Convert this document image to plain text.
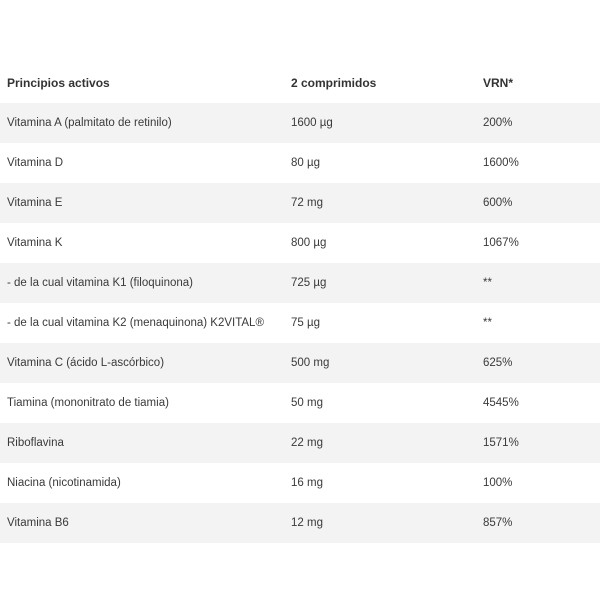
Principios activos	2 comprimidos	VRN*
Vitamina A (palmitato de retinilo)	1600 µg	200%
Vitamina D	80 µg	1600%
Vitamina E	72 mg	600%
Vitamina K	800 µg	1067%
- de la cual vitamina K1 (filoquinona)	725 µg	**
- de la cual vitamina K2 (menaquinona) K2VITAL®	75 µg	**
Vitamina C (ácido L-ascórbico)	500 mg	625%
Tiamina (mononitrato de tiamia)	50 mg	4545%
Riboflavina	22 mg	1571%
Niacina (nicotinamida)	16 mg	100%
Vitamina B6	12 mg	857%
